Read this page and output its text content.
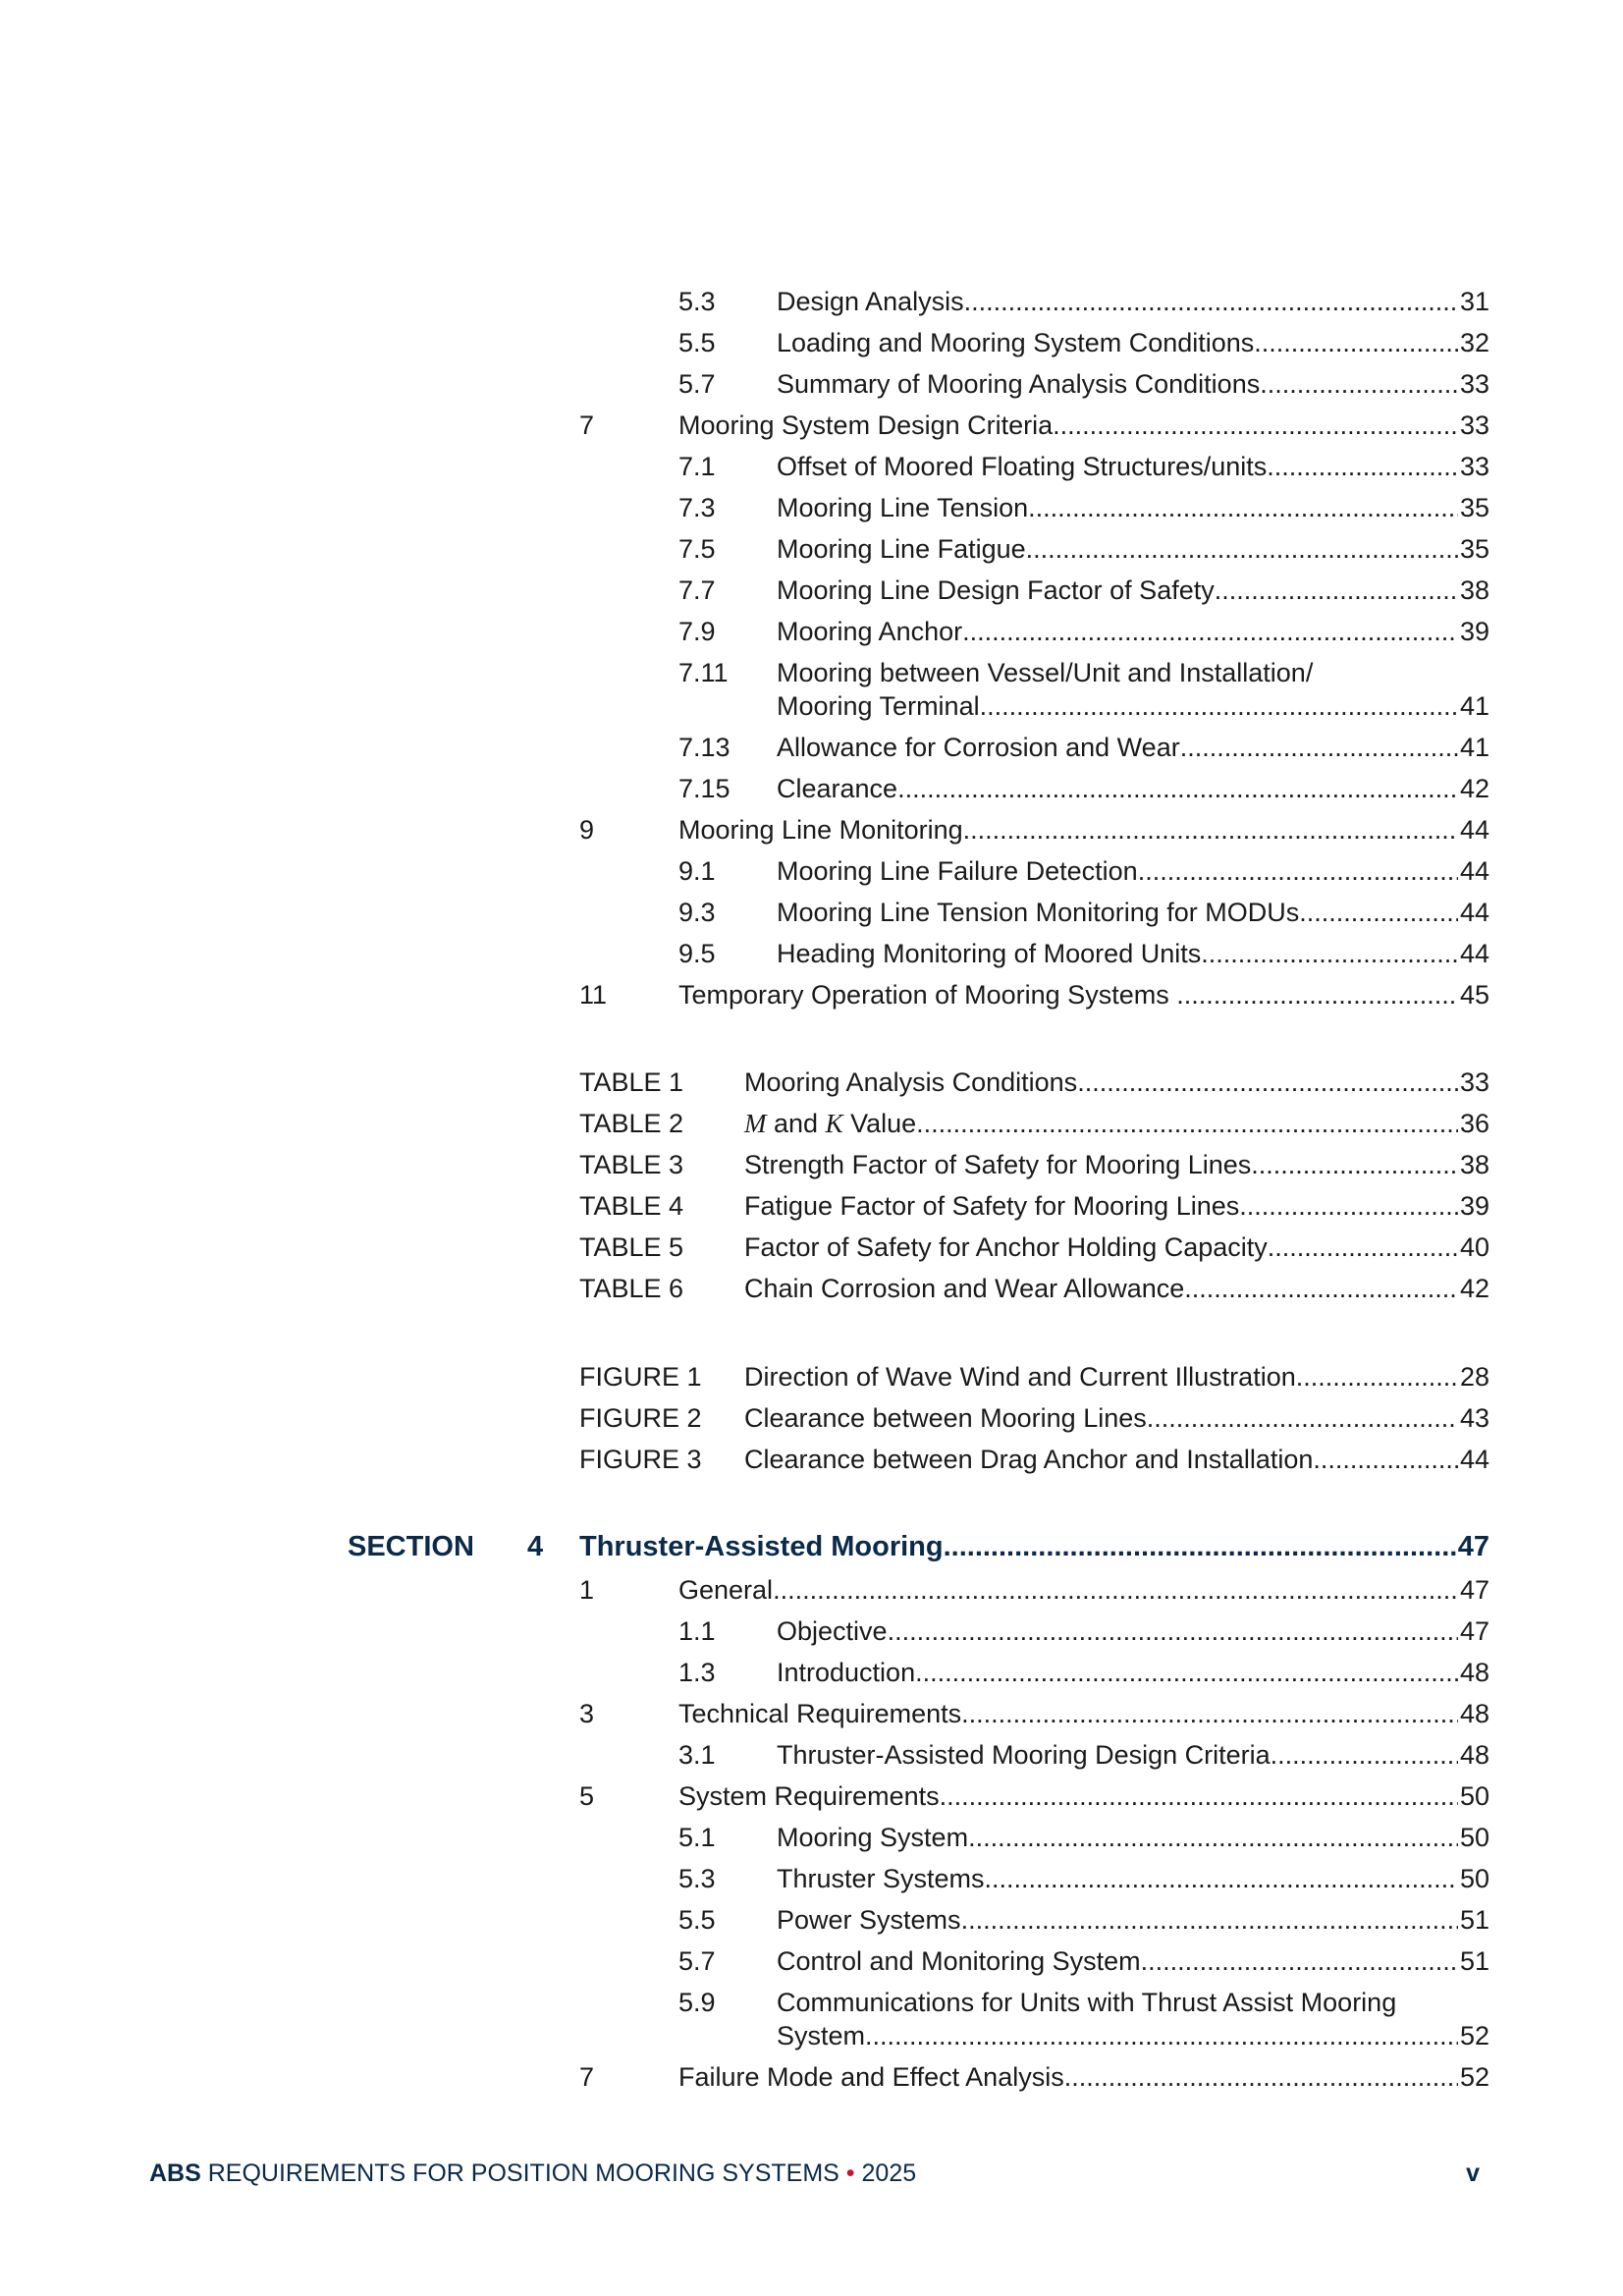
5.3 Design Analysis .....	31
5.5 Loading and Mooring System Conditions .....	32
5.7 Summary of Mooring Analysis Conditions .....	33
7	Mooring System Design Criteria .....	33
7.1 Offset of Moored Floating Structures/units .....	33
7.3 Mooring Line Tension .....	35
7.5 Mooring Line Fatigue .....	35
7.7 Mooring Line Design Factor of Safety .....	38
7.9 Mooring Anchor .....	39
7.11 Mooring between Vessel/Unit and Installation/
Mooring Terminal .....	41
7.13 Allowance for Corrosion and Wear .....	41
7.15 Clearance .....	42
9	Mooring Line Monitoring .....	44
9.1 Mooring Line Failure Detection .....	44
9.3 Mooring Line Tension Monitoring for MODUs .....	44
9.5 Heading Monitoring of Moored Units .....	44
11	Temporary Operation of Mooring Systems .....	45
TABLE 1 Mooring Analysis Conditions .....	33
TABLE 2 M and K Value .....	36
TABLE 3 Strength Factor of Safety for Mooring Lines .....	38
TABLE 4 Fatigue Factor of Safety for Mooring Lines .....	39
TABLE 5 Factor of Safety for Anchor Holding Capacity .....	40
TABLE 6 Chain Corrosion and Wear Allowance .....	42
FIGURE 1 Direction of Wave Wind and Current Illustration .....	28
FIGURE 2 Clearance between Mooring Lines .....	43
FIGURE 3 Clearance between Drag Anchor and Installation .....	44
SECTION 4 Thruster-Assisted Mooring .....	47
1	General .....	47
1.1 Objective .....	47
1.3 Introduction .....	48
3	Technical Requirements .....	48
3.1 Thruster-Assisted Mooring Design Criteria .....	48
5	System Requirements .....	50
5.1 Mooring System .....	50
5.3 Thruster Systems .....	50
5.5 Power Systems .....	51
5.7 Control and Monitoring System .....	51
5.9 Communications for Units with Thrust Assist Mooring
System .....	52
7	Failure Mode and Effect Analysis .....	52
ABS REQUIREMENTS FOR POSITION MOORING SYSTEMS • 2025	v
